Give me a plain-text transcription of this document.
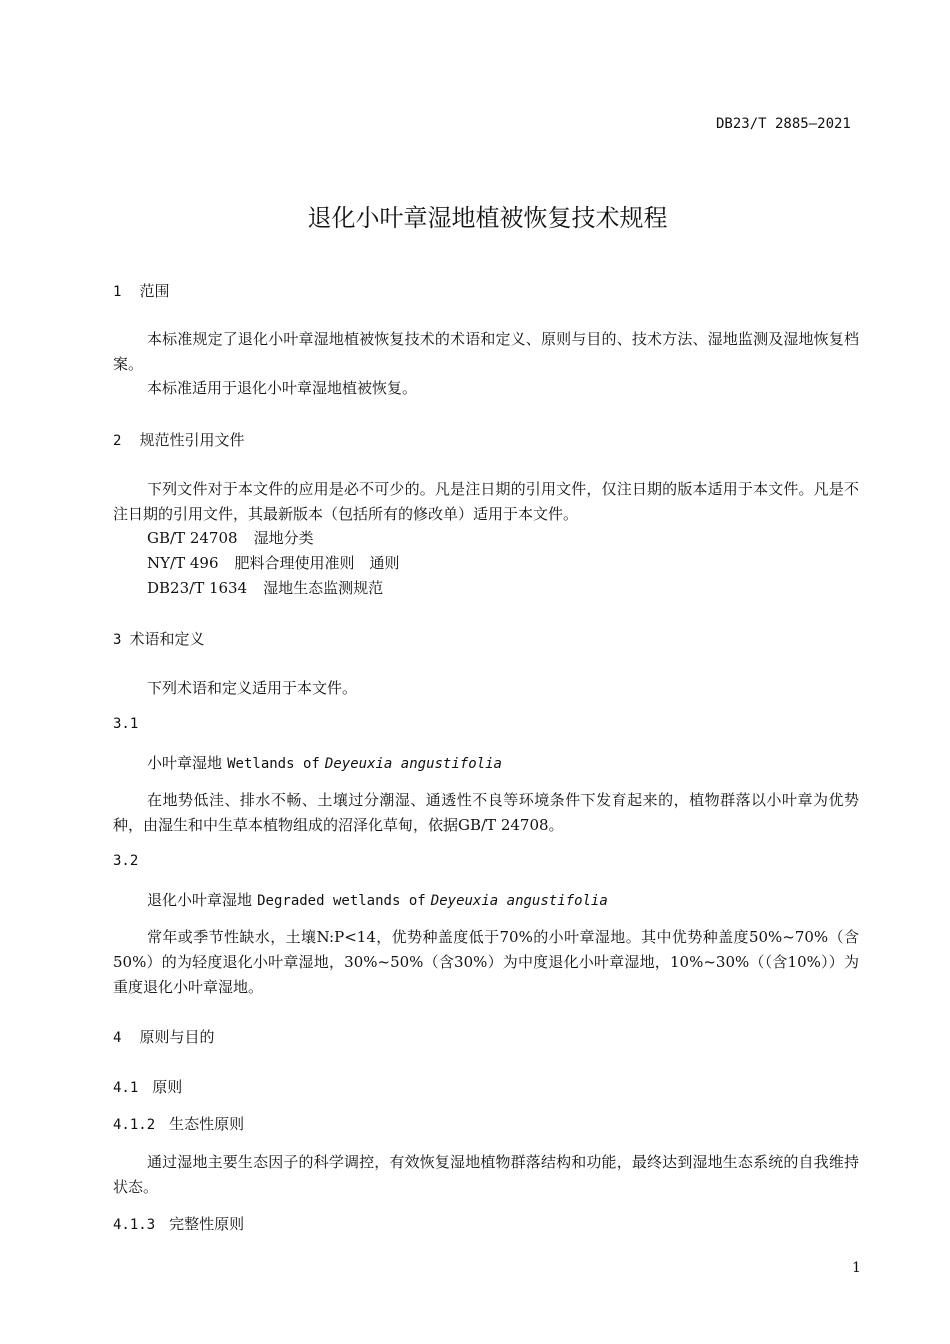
DB23/T 2885—2021
退化小叶章湿地植被恢复技术规程
1 范围
本标准规定了退化小叶章湿地植被恢复技术的术语和定义、原则与目的、技术方法、湿地监测及湿地恢复档案。
本标准适用于退化小叶章湿地植被恢复。
2 规范性引用文件
下列文件对于本文件的应用是必不可少的。凡是注日期的引用文件，仅注日期的版本适用于本文件。凡是不注日期的引用文件，其最新版本（包括所有的修改单）适用于本文件。
GB/T 24708 湿地分类
NY/T 496 肥料合理使用准则　通则
DB23/T 1634 湿地生态监测规范
3 术语和定义
下列术语和定义适用于本文件。
3.1
小叶章湿地 Wetlands of Deyeuxia angustifolia
在地势低洼、排水不畅、土壤过分潮湿、通透性不良等环境条件下发育起来的，植物群落以小叶章为优势种，由湿生和中生草本植物组成的沼泽化草甸，依据GB/T 24708。
3.2
退化小叶章湿地 Degraded wetlands of Deyeuxia angustifolia
常年或季节性缺水，土壤N:P<14，优势种盖度低于70%的小叶章湿地。其中优势种盖度50%~70%（含50%）的为轻度退化小叶章湿地，30%~50%（含30%）为中度退化小叶章湿地，10%~30%（（含10%））为重度退化小叶章湿地。
4 原则与目的
4.1 原则
4.1.2 生态性原则
通过湿地主要生态因子的科学调控，有效恢复湿地植物群落结构和功能，最终达到湿地生态系统的自我维持状态。
4.1.3 完整性原则
1
